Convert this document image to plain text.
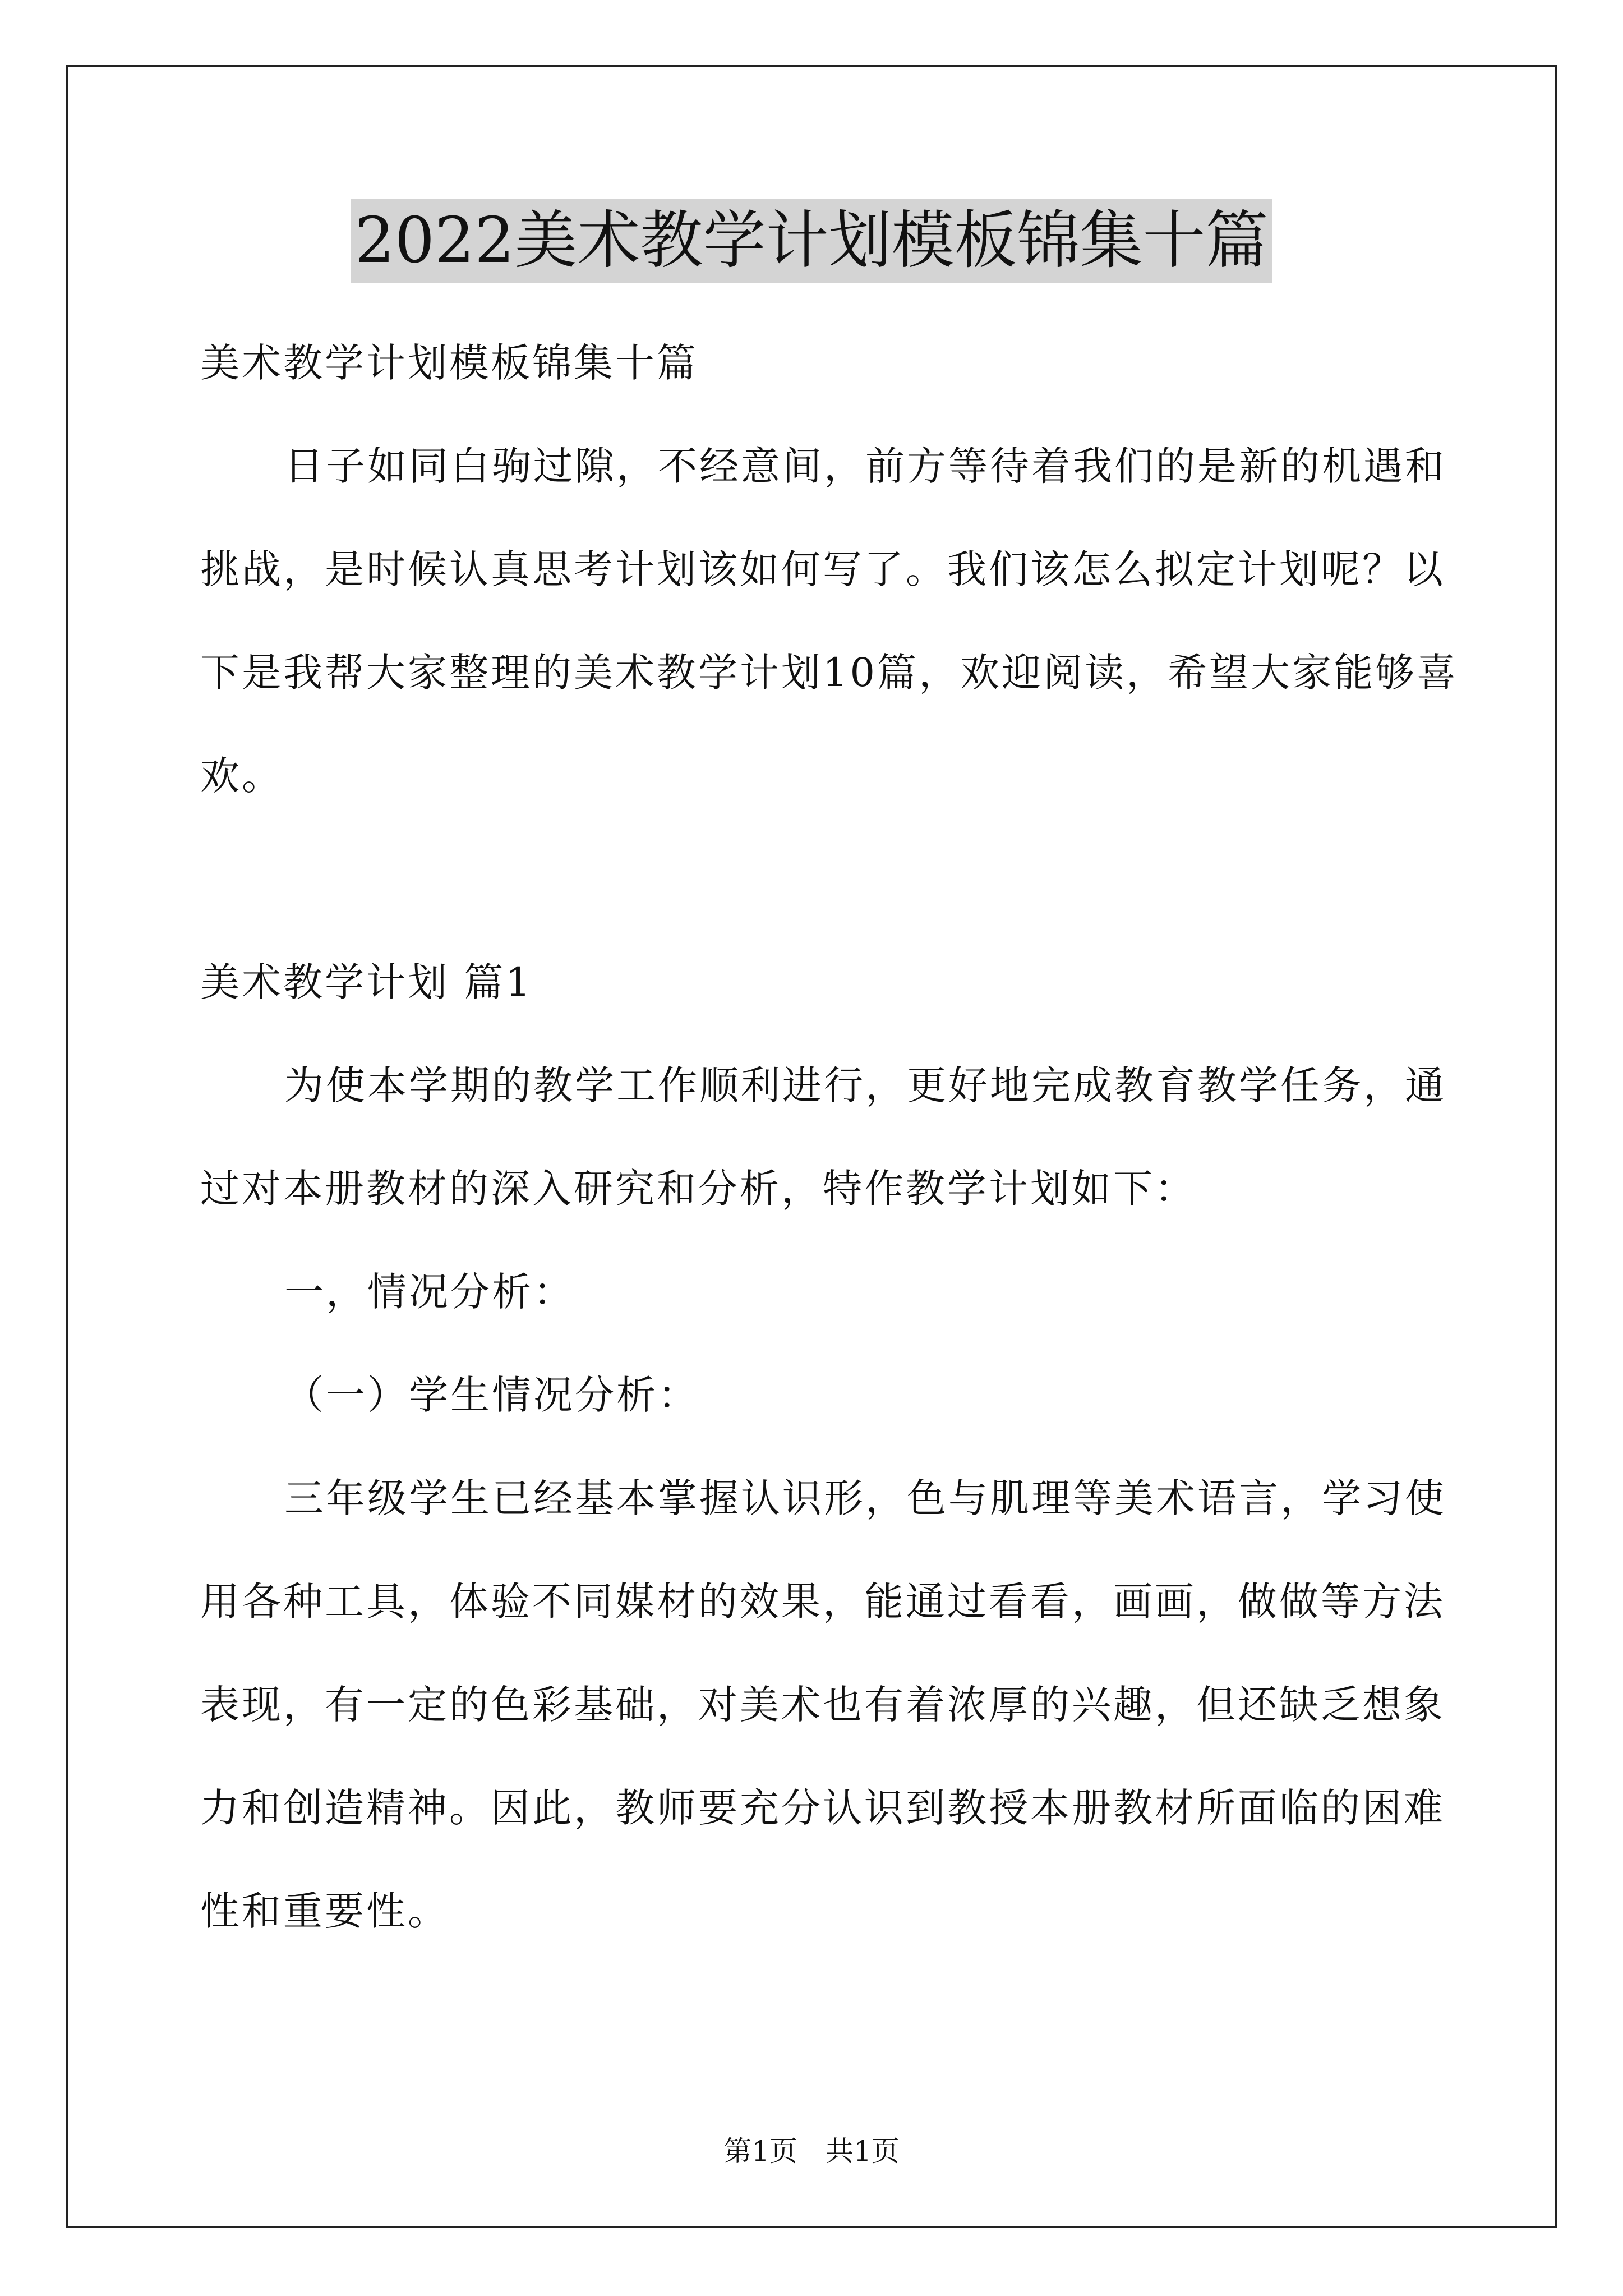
2022美术教学计划模板锦集十篇
美术教学计划模板锦集十篇
日子如同白驹过隙，不经意间，前方等待着我们的是新的机遇和
挑战，是时候认真思考计划该如何写了。我们该怎么拟定计划呢？以
下是我帮大家整理的美术教学计划10篇，欢迎阅读，希望大家能够喜
欢。
美术教学计划 篇1
为使本学期的教学工作顺利进行，更好地完成教育教学任务，通
过对本册教材的深入研究和分析，特作教学计划如下：
一，情况分析：
（一）学生情况分析：
三年级学生已经基本掌握认识形，色与肌理等美术语言，学习使
用各种工具，体验不同媒材的效果，能通过看看，画画，做做等方法
表现，有一定的色彩基础，对美术也有着浓厚的兴趣，但还缺乏想象
力和创造精神。因此，教师要充分认识到教授本册教材所面临的困难
性和重要性。
第1页 共1页
